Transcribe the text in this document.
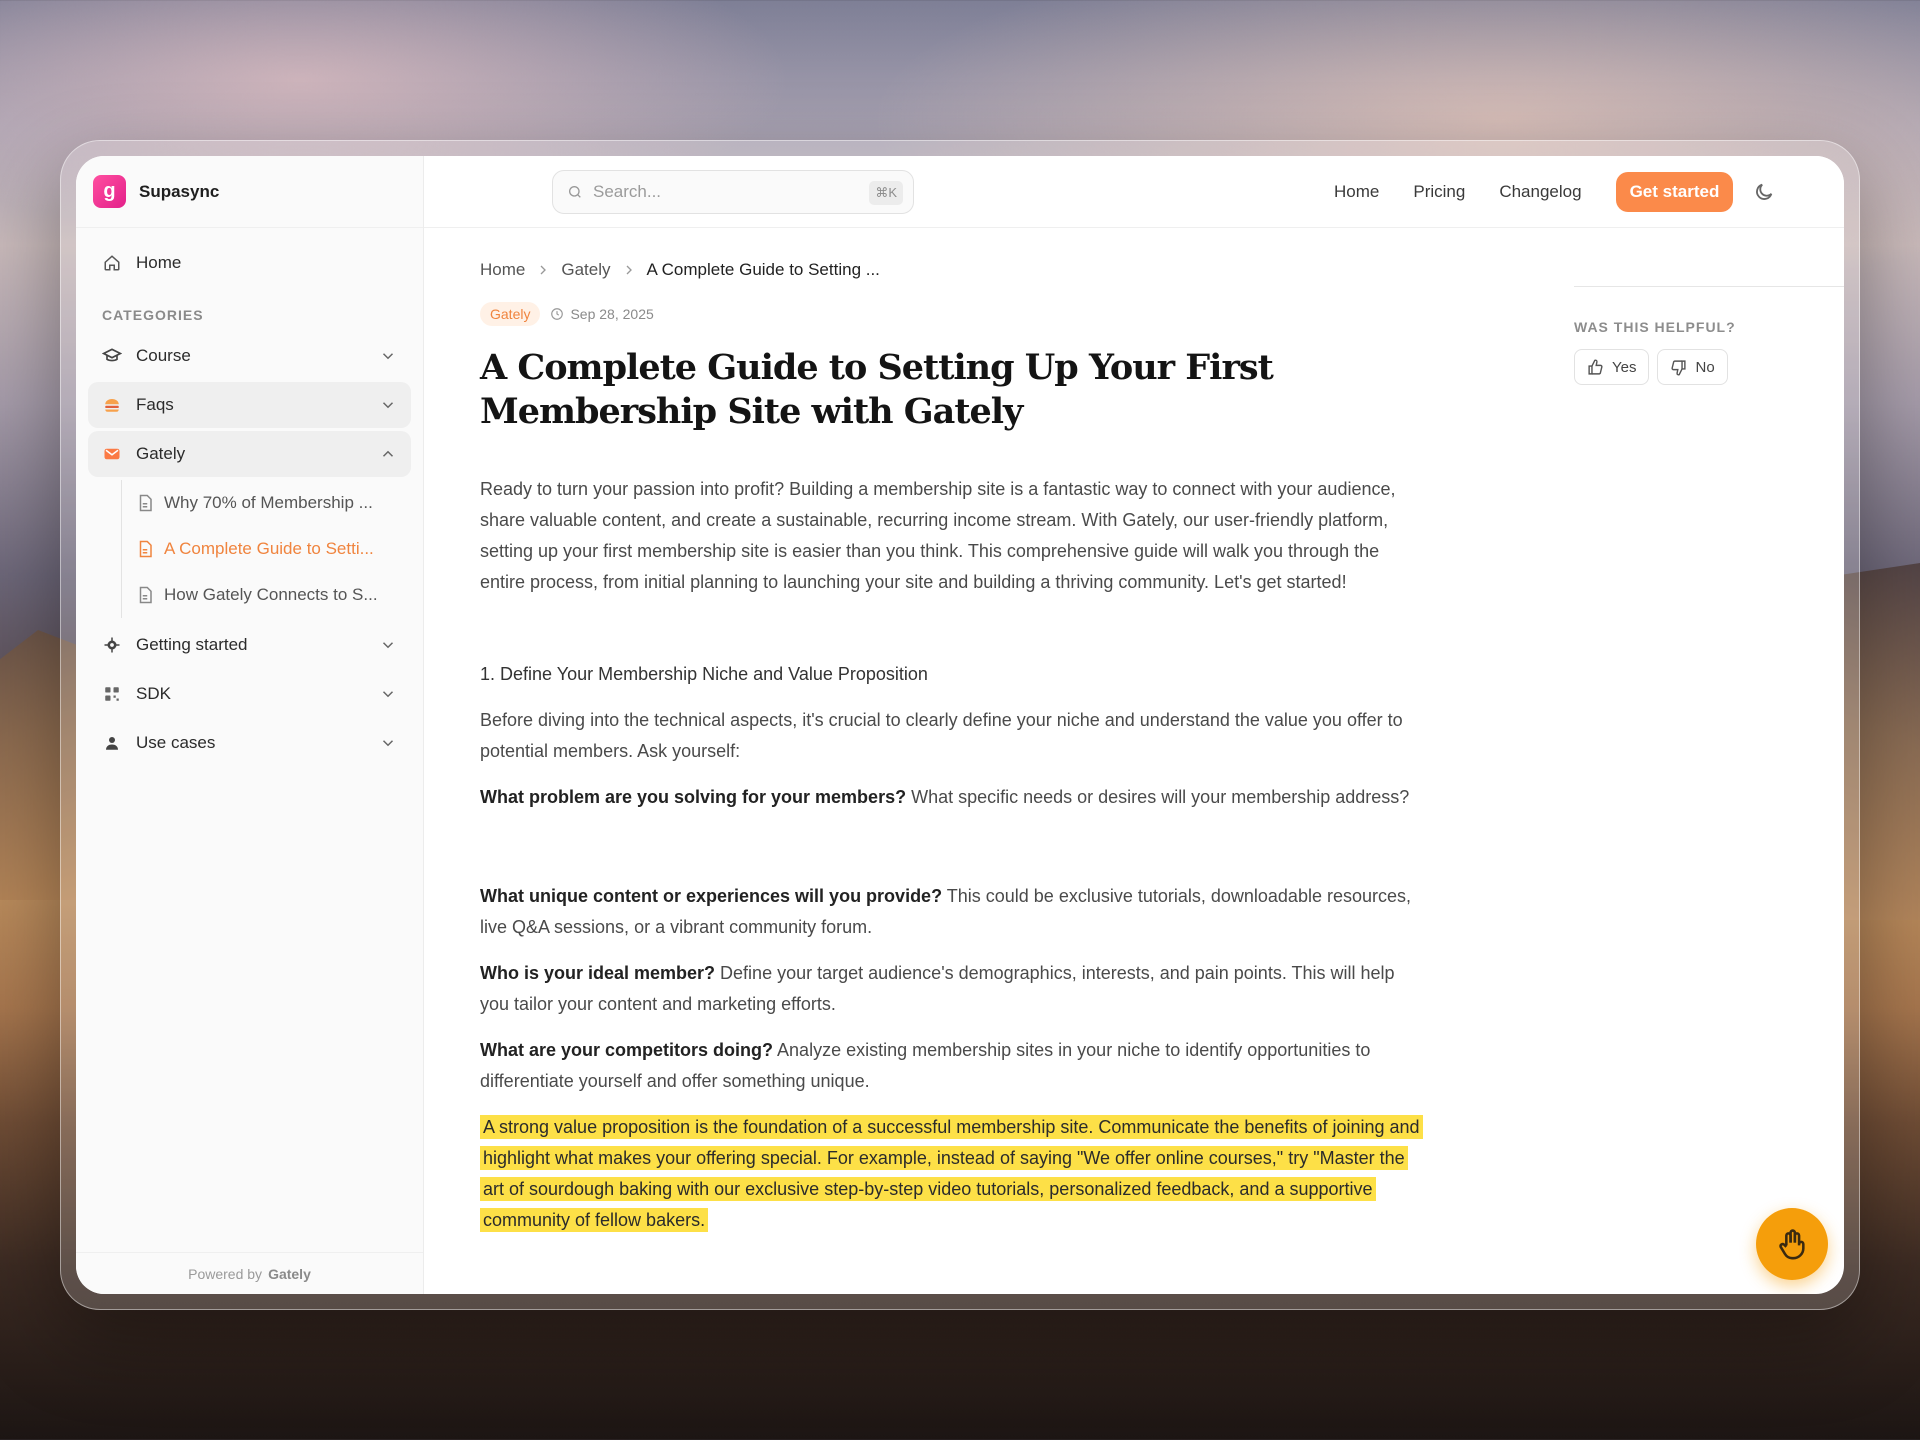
g	Supasync
Home
CATEGORIES
Course
Faqs
Gately
Why 70% of Membership ...
A Complete Guide to Setti...
How Gately Connects to S...
Getting started
SDK
Use cases
Powered by Gately
Search...	⌘K	Home Pricing Changelog	Get started
Home Gately A Complete Guide to Setting ...
Gately	Sep 28, 2025
A Complete Guide to Setting Up Your First Membership Site with Gately

Ready to turn your passion into profit? Building a membership site is a fantastic way to connect with your audience, share valuable content, and create a sustainable, recurring income stream. With Gately, our user-friendly platform, setting up your first membership site is easier than you think. This comprehensive guide will walk you through the entire process, from initial planning to launching your site and building a thriving community. Let's get started!

1. Define Your Membership Niche and Value Proposition

Before diving into the technical aspects, it's crucial to clearly define your niche and understand the value you offer to potential members. Ask yourself:

What problem are you solving for your members? What specific needs or desires will your membership address?

What unique content or experiences will you provide? This could be exclusive tutorials, downloadable resources, live Q&A sessions, or a vibrant community forum.

Who is your ideal member? Define your target audience's demographics, interests, and pain points. This will help you tailor your content and marketing efforts.

What are your competitors doing? Analyze existing membership sites in your niche to identify opportunities to differentiate yourself and offer something unique.

A strong value proposition is the foundation of a successful membership site. Communicate the benefits of joining and highlight what makes your offering special. For example, instead of saying "We offer online courses," try "Master the art of sourdough baking with our exclusive step-by-step video tutorials, personalized feedback, and a supportive community of fellow bakers.

WAS THIS HELPFUL?
Yes	No
